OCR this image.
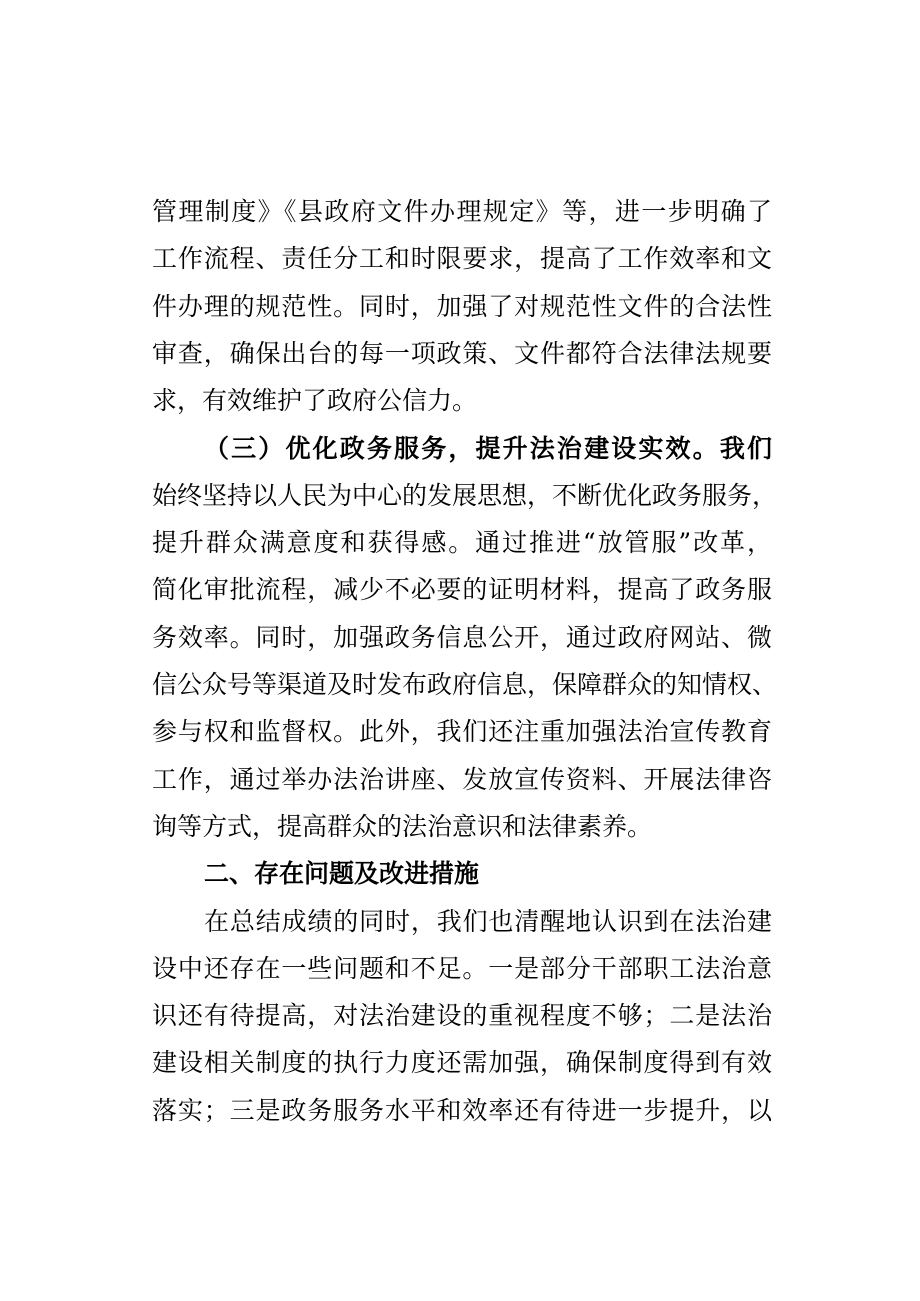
管理制度》《县政府文件办理规定》等，进一步明确了
工作流程、责任分工和时限要求，提高了工作效率和文
件办理的规范性。同时，加强了对规范性文件的合法性
审查，确保出台的每一项政策、文件都符合法律法规要
求，有效维护了政府公信力。
（三）优化政务服务，提升法治建设实效。我们
始终坚持以人民为中心的发展思想，不断优化政务服务，
提升群众满意度和获得感。通过推进“放管服”改革，
简化审批流程，减少不必要的证明材料，提高了政务服
务效率。同时，加强政务信息公开，通过政府网站、微
信公众号等渠道及时发布政府信息，保障群众的知情权、
参与权和监督权。此外，我们还注重加强法治宣传教育
工作，通过举办法治讲座、发放宣传资料、开展法律咨
询等方式，提高群众的法治意识和法律素养。
二、存在问题及改进措施
在总结成绩的同时，我们也清醒地认识到在法治建
设中还存在一些问题和不足。一是部分干部职工法治意
识还有待提高，对法治建设的重视程度不够；二是法治
建设相关制度的执行力度还需加强，确保制度得到有效
落实；三是政务服务水平和效率还有待进一步提升，以
